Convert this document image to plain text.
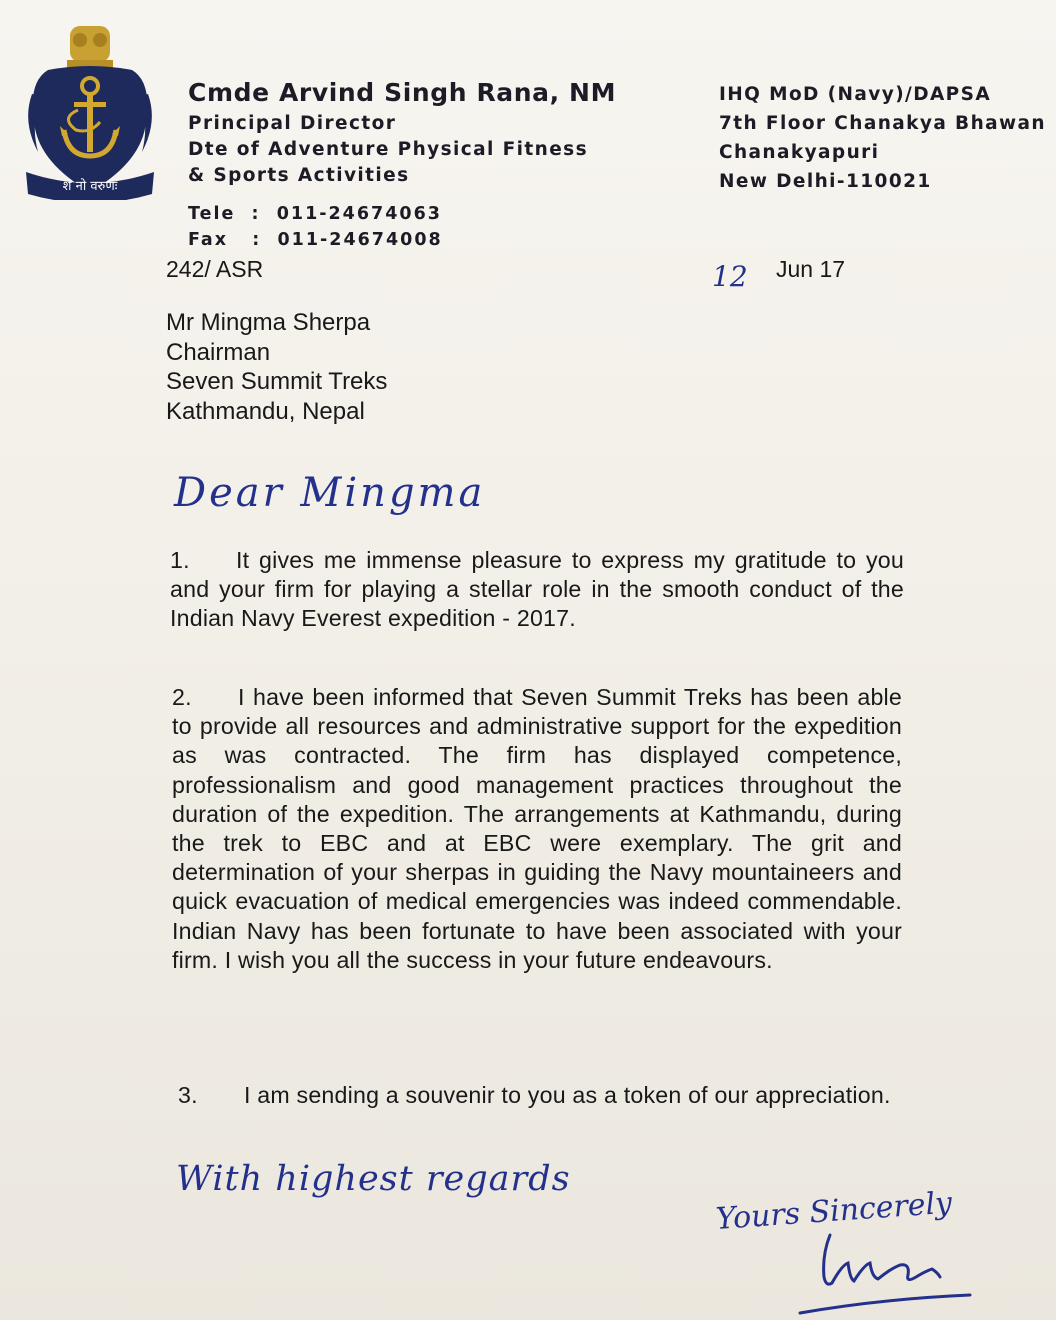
शं नो वरुणः
Cmde Arvind Singh Rana, NM
Principal Director
Dte of Adventure Physical Fitness
& Sports Activities
Tele  :  011-24674063
Fax   :  011-24674008
IHQ MoD (Navy)/DAPSA
7th Floor Chanakya Bhawan
Chanakyapuri
New Delhi-110021
242/ ASR	12 Jun 17
Mr Mingma Sherpa
Chairman
Seven Summit Treks
Kathmandu, Nepal
Dear Mingma
1. It gives me immense pleasure to express my gratitude to you and your firm for playing a stellar role in the smooth conduct of the Indian Navy Everest expedition - 2017.
2. I have been informed that Seven Summit Treks has been able to provide all resources and administrative support for the expedition as was contracted. The firm has displayed competence, professionalism and good management practices throughout the duration of the expedition. The arrangements at Kathmandu, during the trek to EBC and at EBC were exemplary. The grit and determination of your sherpas in guiding the Navy mountaineers and quick evacuation of medical emergencies was indeed commendable. Indian Navy has been fortunate to have been associated with your firm. I wish you all the success in your future endeavours.
3. I am sending a souvenir to you as a token of our appreciation.
With highest regards
Yours Sincerely
